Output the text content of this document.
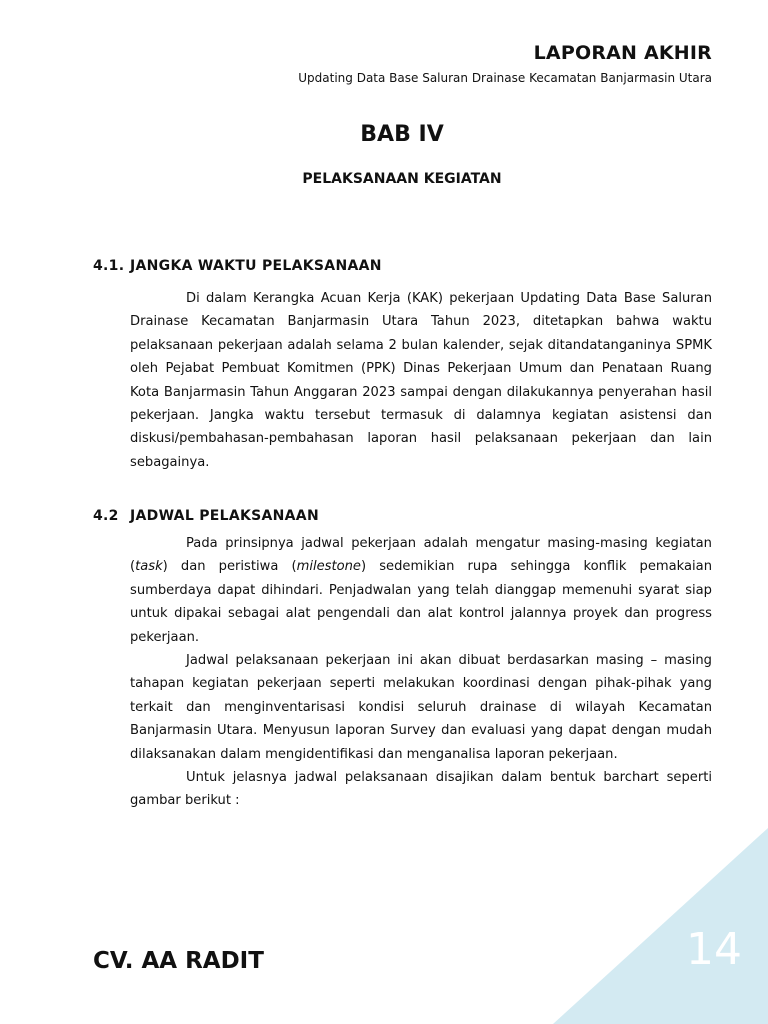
LAPORAN AKHIR
Updating Data Base Saluran Drainase Kecamatan Banjarmasin Utara
BAB IV
PELAKSANAAN KEGIATAN
4.1. JANGKA WAKTU PELAKSANAAN

Di dalam Kerangka Acuan Kerja (KAK) pekerjaan Updating Data Base Saluran Drainase Kecamatan Banjarmasin Utara Tahun 2023, ditetapkan bahwa waktu pelaksanaan pekerjaan adalah selama 2 bulan kalender, sejak ditandatanganinya SPMK oleh Pejabat Pembuat Komitmen (PPK) Dinas Pekerjaan Umum dan Penataan Ruang Kota Banjarmasin Tahun Anggaran 2023 sampai dengan dilakukannya penyerahan hasil pekerjaan. Jangka waktu tersebut termasuk di dalamnya kegiatan asistensi dan diskusi/pembahasan-pembahasan laporan hasil pelaksanaan pekerjaan dan lain sebagainya.

4.2 JADWAL PELAKSANAAN

Pada prinsipnya jadwal pekerjaan adalah mengatur masing-masing kegiatan (task) dan peristiwa (milestone) sedemikian rupa sehingga konflik pemakaian sumberdaya dapat dihindari. Penjadwalan yang telah dianggap memenuhi syarat siap untuk dipakai sebagai alat pengendali dan alat kontrol jalannya proyek dan progress pekerjaan.

Jadwal pelaksanaan pekerjaan ini akan dibuat berdasarkan masing – masing tahapan kegiatan pekerjaan seperti melakukan koordinasi dengan pihak-pihak yang terkait dan menginventarisasi kondisi seluruh drainase di wilayah Kecamatan Banjarmasin Utara. Menyusun laporan Survey dan evaluasi yang dapat dengan mudah dilaksanakan dalam mengidentifikasi dan menganalisa laporan pekerjaan.

Untuk jelasnya jadwal pelaksanaan disajikan dalam bentuk barchart seperti gambar berikut :

CV. AA RADIT	14
